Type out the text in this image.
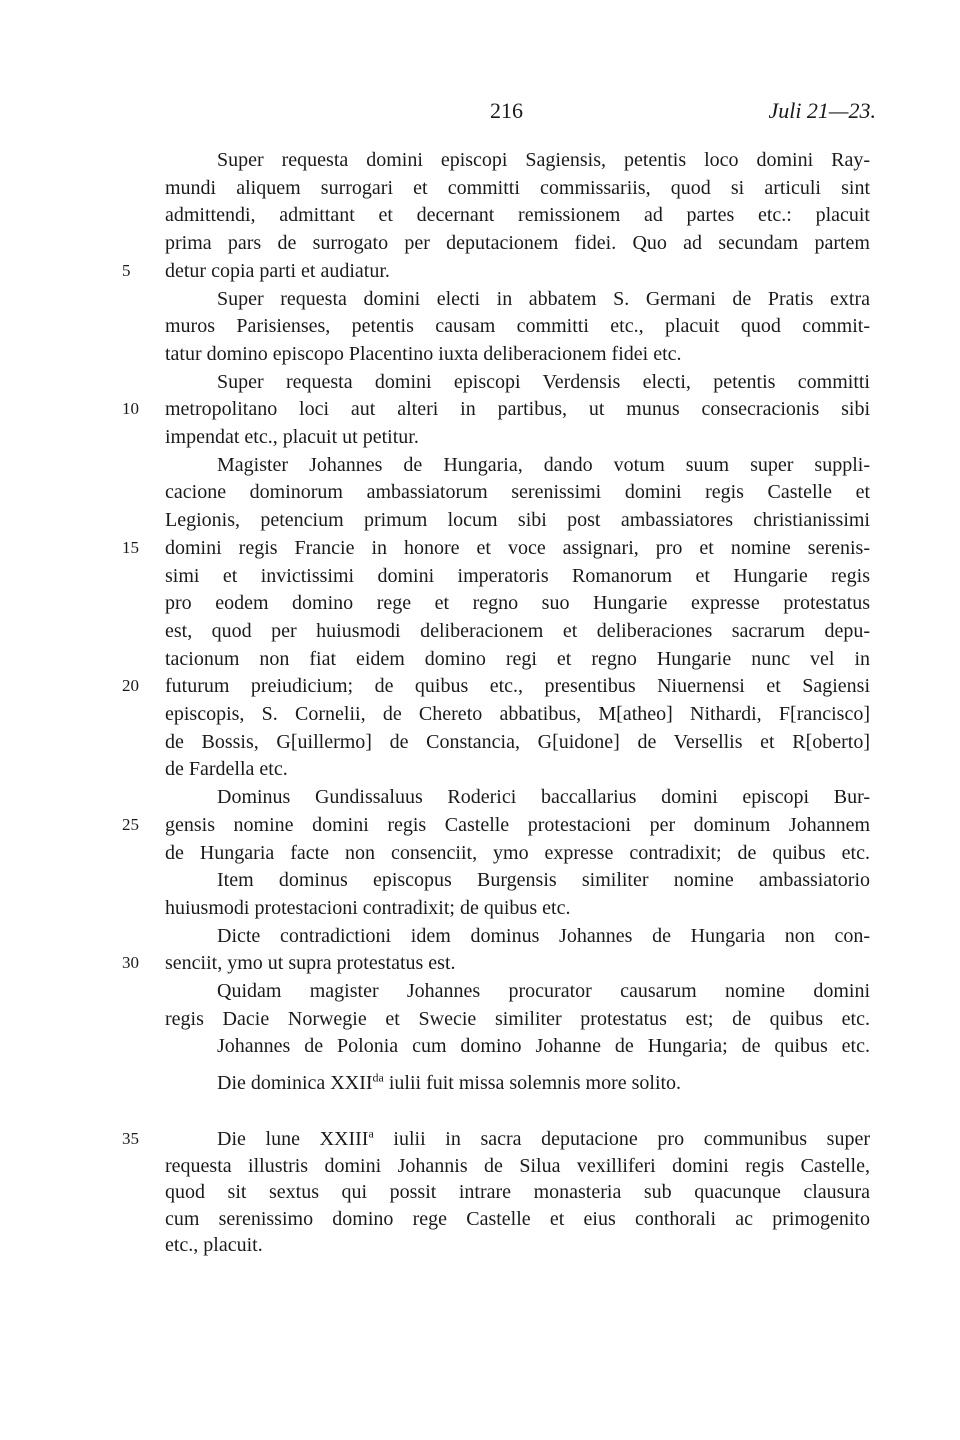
216	Juli 21—23.
Super requesta domini episcopi Sagiensis, petentis loco domini Ray-
mundi aliquem surrogari et committi commissariis, quod si articuli sint
admittendi, admittant et decernant remissionem ad partes etc.: placuit
prima pars de surrogato per deputacionem fidei. Quo ad secundam partem
detur copia parti et audiatur.
5
Super requesta domini electi in abbatem S. Germani de Pratis extra
muros Parisienses, petentis causam committi etc., placuit quod commit-
tatur domino episcopo Placentino iuxta deliberacionem fidei etc.
Super requesta domini episcopi Verdensis electi, petentis committi
metropolitano loci aut alteri in partibus, ut munus consecracionis sibi
10
impendat etc., placuit ut petitur.
Magister Johannes de Hungaria, dando votum suum super suppli-
cacione dominorum ambassiatorum serenissimi domini regis Castelle et
Legionis, petencium primum locum sibi post ambassiatores christianissimi
domini regis Francie in honore et voce assignari, pro et nomine serenis-
15
simi et invictissimi domini imperatoris Romanorum et Hungarie regis
pro eodem domino rege et regno suo Hungarie expresse protestatus
est, quod per huiusmodi deliberacionem et deliberaciones sacrarum depu-
tacionum non fiat eidem domino regi et regno Hungarie nunc vel in
futurum preiudicium; de quibus etc., presentibus Niuernensi et Sagiensi
20
episcopis, S. Cornelii, de Chereto abbatibus, M[atheo] Nithardi, F[rancisco]
de Bossis, G[uillermo] de Constancia, G[uidone] de Versellis et R[oberto]
de Fardella etc.
Dominus Gundissaluus Roderici baccallarius domini episcopi Bur-
gensis nomine domini regis Castelle protestacioni per dominum Johannem
25
de Hungaria facte non consenciit, ymo expresse contradixit; de quibus etc.
Item dominus episcopus Burgensis similiter nomine ambassiatorio
huiusmodi protestacioni contradixit; de quibus etc.
Dicte contradictioni idem dominus Johannes de Hungaria non con-
senciit, ymo ut supra protestatus est.
30
Quidam magister Johannes procurator causarum nomine domini
regis Dacie Norwegie et Swecie similiter protestatus est; de quibus etc.
Johannes de Polonia cum domino Johanne de Hungaria; de quibus etc.
Die dominica $XXII^{da}$ iulii fuit missa solemnis more solito.
35	Die lune XXIII$^a$ iulii in sacra deputacione pro communibus super
requesta illustris domini Johannis de Silua vexilliferi domini regis Castelle,
quod sit sextus qui possit intrare monasteria sub quacunque clausura
cum serenissimo domino rege Castelle et eius conthorali ac primogenito
etc., placuit.
